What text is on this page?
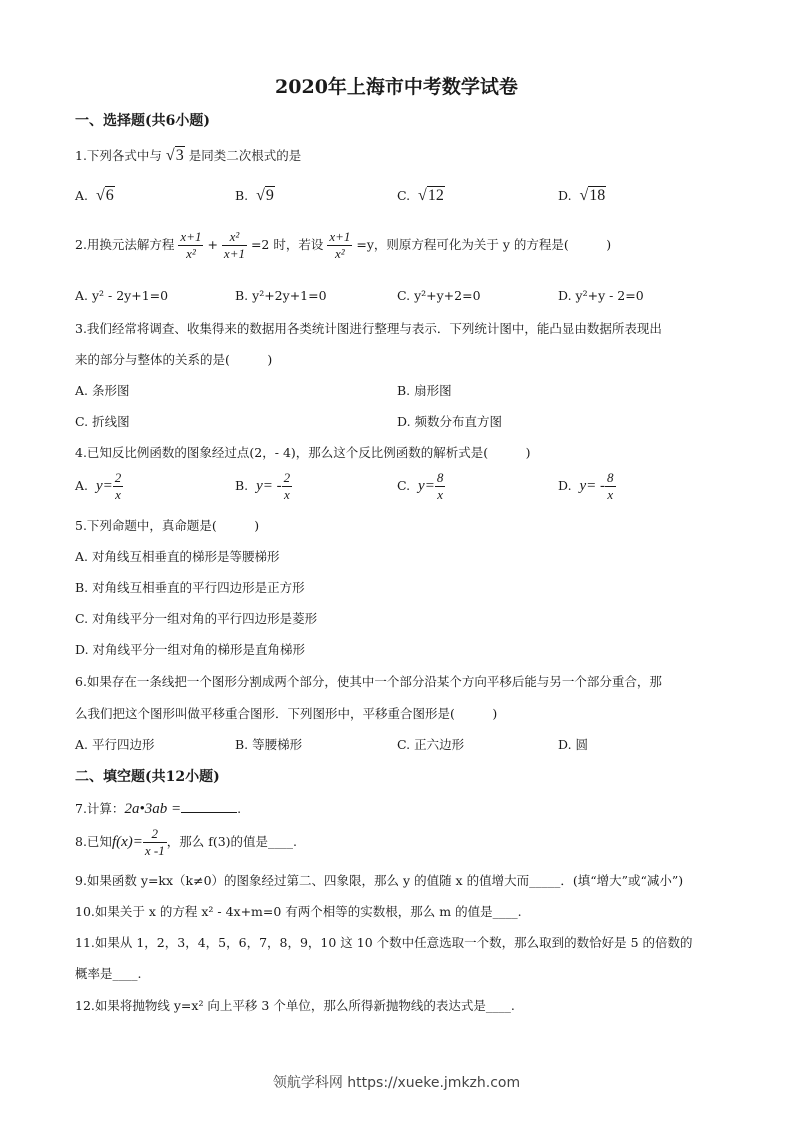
2020年上海市中考数学试卷
一、选择题(共6小题)
1.下列各式中与 √3 是同类二次根式的是
A. √6	B. √9	C. √12	D. √18
2.用换元法解方程 $\frac{x+1}{\text{x²}} + \frac{\text{x²}}{x+1} =2$ 时，若设 $\frac{x+1}{\text{x²}} =y$，则原方程可化为关于 y 的方程是(　　　)
A. y² - 2y+1=0	B. y²+2y+1=0	C. y²+y+2=0	D. y²+y - 2=0
3.我们经常将调查、收集得来的数据用各类统计图进行整理与表示．下列统计图中，能凸显由数据所表现出
来的部分与整体的关系的是(　　　)
A. 条形图	B. 扇形图
C. 折线图	D. 频数分布直方图
4.已知反比例函数的图象经过点(2，- 4)，那么这个反比例函数的解析式是(　　　)
A. $y= \frac{2}{x}$	B. $y= - \frac{2}{x}$	C. $y= \frac{8}{x}$	D. $y= - \frac{8}{x}$
5.下列命题中，真命题是(　　　)
A. 对角线互相垂直的梯形是等腰梯形
B. 对角线互相垂直的平行四边形是正方形
C. 对角线平分一组对角的平行四边形是菱形
D. 对角线平分一组对角的梯形是直角梯形
6.如果存在一条线把一个图形分割成两个部分，使其中一个部分沿某个方向平移后能与另一个部分重合，那
么我们把这个图形叫做平移重合图形．下列图形中，平移重合图形是(　　　)
A. 平行四边形	B. 等腰梯形	C. 正六边形	D. 圆
二、填空题(共12小题)
7.计算：2a•3ab =	.
8.已知$f(x)= \frac{2}{x -1}$ ，那么 f(3)的值是____.
9.如果函数 y=kx（k≠0）的图象经过第二、四象限，那么 y 的值随 x 的值增大而_____．(填“增大”或“减小”)
10.如果关于 x 的方程 x² - 4x+m=0 有两个相等的实数根，那么 m 的值是____.
11.如果从 1，2，3，4，5，6，7，8，9，10 这 10 个数中任意选取一个数，那么取到的数恰好是 5 的倍数的
概率是____.
12.如果将抛物线 y=x² 向上平移 3 个单位，那么所得新抛物线的表达式是____.
领航学科网 https://xueke.jmkzh.com
